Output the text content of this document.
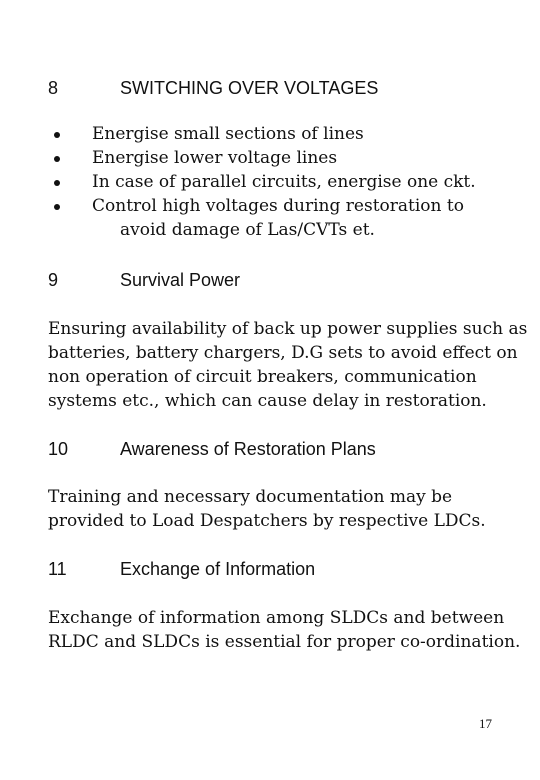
8	SWITCHING OVER VOLTAGES
Energise small sections of lines
Energise lower voltage lines
In case of parallel circuits, energise one ckt.
Control high voltages during restoration to
avoid damage of Las/CVTs et.
9	Survival Power
Ensuring availability of back up power supplies such as
batteries, battery chargers, D.G sets to avoid effect on
non operation of circuit breakers, communication
systems etc., which can cause delay in restoration.
10	Awareness of Restoration Plans
Training and necessary documentation may be
provided to Load Despatchers by respective LDCs.
11	Exchange of Information
Exchange of information among SLDCs and between
RLDC and SLDCs is essential for proper co-ordination.
17
